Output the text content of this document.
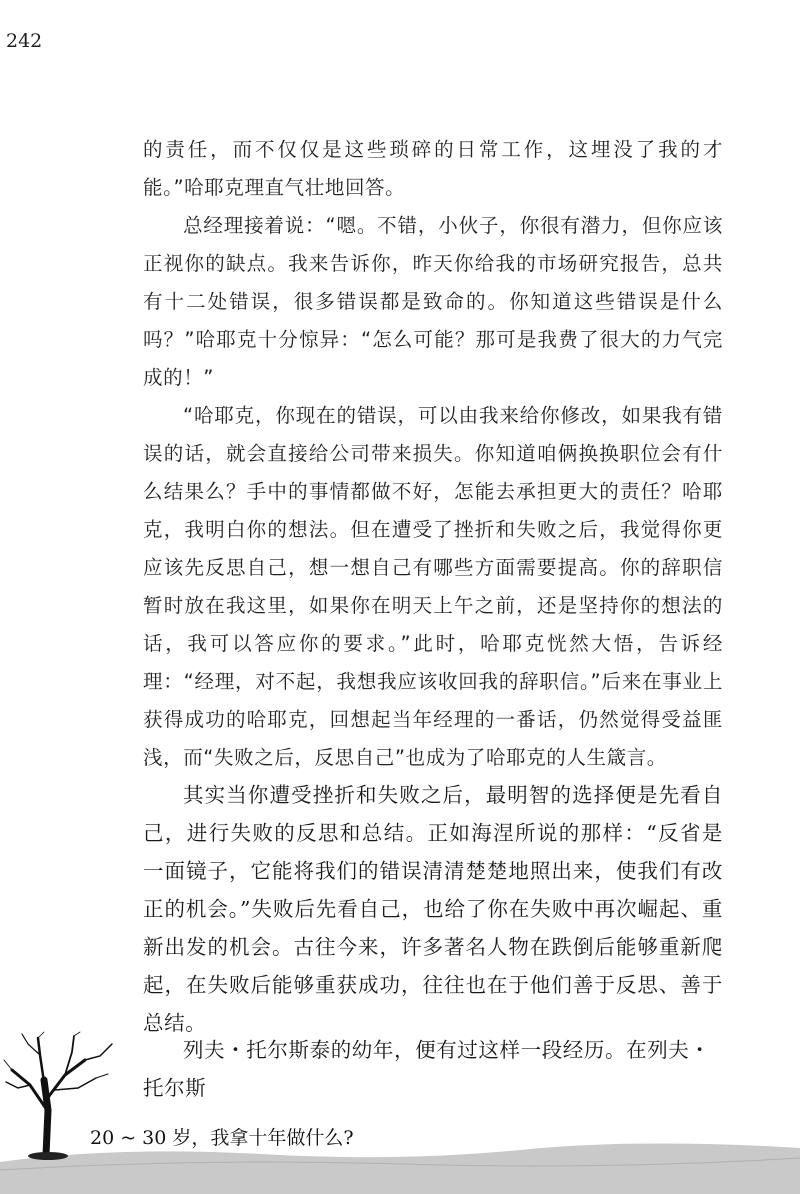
242

的责任，而不仅仅是这些琐碎的日常工作，这埋没了我的才能。”哈耶克理直气壮地回答。

总经理接着说：“嗯。不错，小伙子，你很有潜力，但你应该正视你的缺点。我来告诉你，昨天你给我的市场研究报告，总共有十二处错误，很多错误都是致命的。你知道这些错误是什么吗？”哈耶克十分惊异：“怎么可能？那可是我费了很大的力气完成的！”

“哈耶克，你现在的错误，可以由我来给你修改，如果我有错误的话，就会直接给公司带来损失。你知道咱俩换换职位会有什么结果么？手中的事情都做不好，怎能去承担更大的责任？哈耶克，我明白你的想法。但在遭受了挫折和失败之后，我觉得你更应该先反思自己，想一想自己有哪些方面需要提高。你的辞职信暂时放在我这里，如果你在明天上午之前，还是坚持你的想法的话，我可以答应你的要求。”此时，哈耶克恍然大悟，告诉经理：“经理，对不起，我想我应该收回我的辞职信。”后来在事业上获得成功的哈耶克，回想起当年经理的一番话，仍然觉得受益匪浅，而“失败之后，反思自己”也成为了哈耶克的人生箴言。

其实当你遭受挫折和失败之后，最明智的选择便是先看自己，进行失败的反思和总结。正如海涅所说的那样：“反省是一面镜子，它能将我们的错误清清楚楚地照出来，使我们有改正的机会。”失败后先看自己，也给了你在失败中再次崛起、重新出发的机会。古往今来，许多著名人物在跌倒后能够重新爬起，在失败后能够重获成功，往往也在于他们善于反思、善于总结。

列夫・托尔斯泰的幼年，便有过这样一段经历。在列夫・托尔斯
20 ~ 30 岁，我拿十年做什么?
